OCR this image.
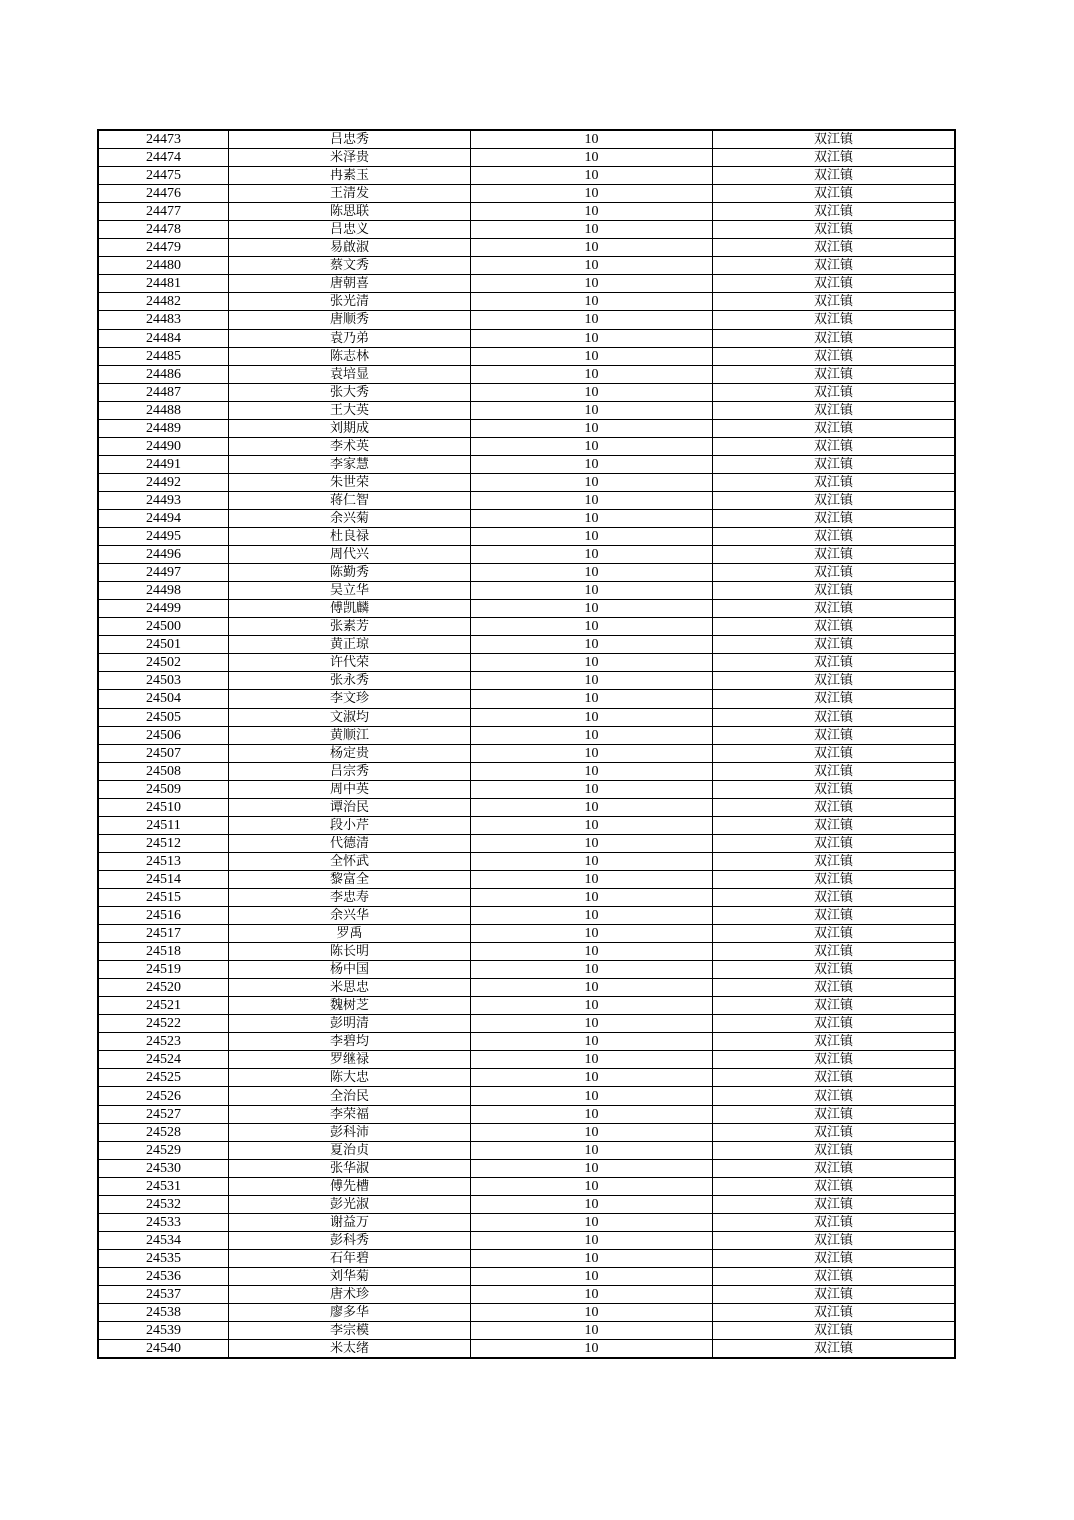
24473	吕忠秀	10	双江镇
24474	米泽贵	10	双江镇
24475	冉素玉	10	双江镇
24476	王清发	10	双江镇
24477	陈思联	10	双江镇
24478	吕忠义	10	双江镇
24479	易啟淑	10	双江镇
24480	蔡文秀	10	双江镇
24481	唐朝喜	10	双江镇
24482	张光清	10	双江镇
24483	唐顺秀	10	双江镇
24484	袁乃弟	10	双江镇
24485	陈志林	10	双江镇
24486	袁培显	10	双江镇
24487	张大秀	10	双江镇
24488	王大英	10	双江镇
24489	刘期成	10	双江镇
24490	李术英	10	双江镇
24491	李家慧	10	双江镇
24492	朱世荣	10	双江镇
24493	蒋仁智	10	双江镇
24494	余兴菊	10	双江镇
24495	杜良禄	10	双江镇
24496	周代兴	10	双江镇
24497	陈勤秀	10	双江镇
24498	吴立华	10	双江镇
24499	傅凯麟	10	双江镇
24500	张素芳	10	双江镇
24501	黄正琼	10	双江镇
24502	许代荣	10	双江镇
24503	张永秀	10	双江镇
24504	李文珍	10	双江镇
24505	文淑均	10	双江镇
24506	黄顺江	10	双江镇
24507	杨定贵	10	双江镇
24508	吕宗秀	10	双江镇
24509	周中英	10	双江镇
24510	谭治民	10	双江镇
24511	段小芹	10	双江镇
24512	代德清	10	双江镇
24513	全怀武	10	双江镇
24514	黎富全	10	双江镇
24515	李忠寿	10	双江镇
24516	余兴华	10	双江镇
24517	罗禹	10	双江镇
24518	陈长明	10	双江镇
24519	杨中国	10	双江镇
24520	米思忠	10	双江镇
24521	魏树芝	10	双江镇
24522	彭明清	10	双江镇
24523	李碧均	10	双江镇
24524	罗继禄	10	双江镇
24525	陈大忠	10	双江镇
24526	全治民	10	双江镇
24527	李荣福	10	双江镇
24528	彭科沛	10	双江镇
24529	夏治贞	10	双江镇
24530	张华淑	10	双江镇
24531	傅先槽	10	双江镇
24532	彭光淑	10	双江镇
24533	谢益万	10	双江镇
24534	彭科秀	10	双江镇
24535	石年碧	10	双江镇
24536	刘华菊	10	双江镇
24537	唐术珍	10	双江镇
24538	廖多华	10	双江镇
24539	李宗模	10	双江镇
24540	米太绪	10	双江镇
